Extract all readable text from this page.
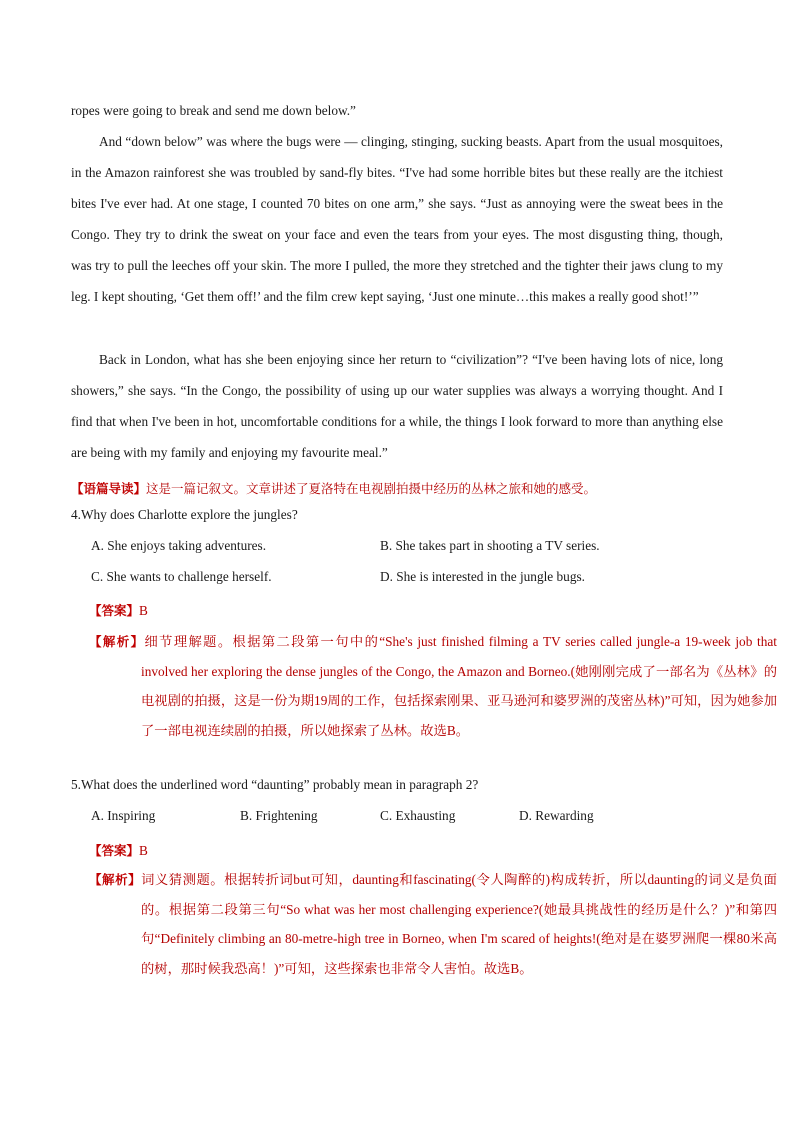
ropes were going to break and send me down below.”

And “down below” was where the bugs were — clinging, stinging, sucking beasts. Apart from the usual mosquitoes, in the Amazon rainforest she was troubled by sand-fly bites. “I've had some horrible bites but these really are the itchiest bites I've ever had. At one stage, I counted 70 bites on one arm,” she says. “Just as annoying were the sweat bees in the Congo. They try to drink the sweat on your face and even the tears from your eyes. The most disgusting thing, though, was try to pull the leeches off your skin. The more I pulled, the more they stretched and the tighter their jaws clung to my leg. I kept shouting, ‘Get them off!’ and the film crew kept saying, ‘Just one minute…this makes a really good shot!’”

Back in London, what has she been enjoying since her return to “civilization”? “I've been having lots of nice, long showers,” she says. “In the Congo, the possibility of using up our water supplies was always a worrying thought. And I find that when I've been in hot, uncomfortable conditions for a while, the things I look forward to more than anything else are being with my family and enjoying my favourite meal.”

【语篇导读】这是一篇记叙文。文章讲述了夏洛特在电视剧拍摄中经历的丛林之旅和她的感受。

4.Why does Charlotte explore the jungles?

A. She enjoys taking adventures.	B. She takes part in shooting a TV series.
C. She wants to challenge herself.	D. She is interested in the jungle bugs.

【答案】B

【解析】细节理解题。根据第二段第一句中的“She's just finished filming a TV series called jungle-a 19-week job that involved her exploring the dense jungles of the Congo, the Amazon and Borneo.(她刚刚完成了一部名为《丛林》的电视剧的拍摄，这是一份为期19周的工作，包括探索刚果、亚马逊河和婆罗洲的茂密丛林)”可知，因为她参加了一部电视连续剧的拍摄，所以她探索了丛林。故选B。

5.What does the underlined word “daunting” probably mean in paragraph 2?

A. Inspiring	B. Frightening	C. Exhausting	D. Rewarding

【答案】B

【解析】词义猜测题。根据转折词but可知，daunting和fascinating(令人陶醉的)构成转折，所以daunting的词义是负面的。根据第二段第三句“So what was her most challenging experience?(她最具挑战性的经历是什么？)”和第四句“Definitely climbing an 80-metre-high tree in Borneo, when I'm scared of heights!(绝对是在婆罗洲爬一棵80米高的树，那时候我恐高！)”可知，这些探索也非常令人害怕。故选B。
